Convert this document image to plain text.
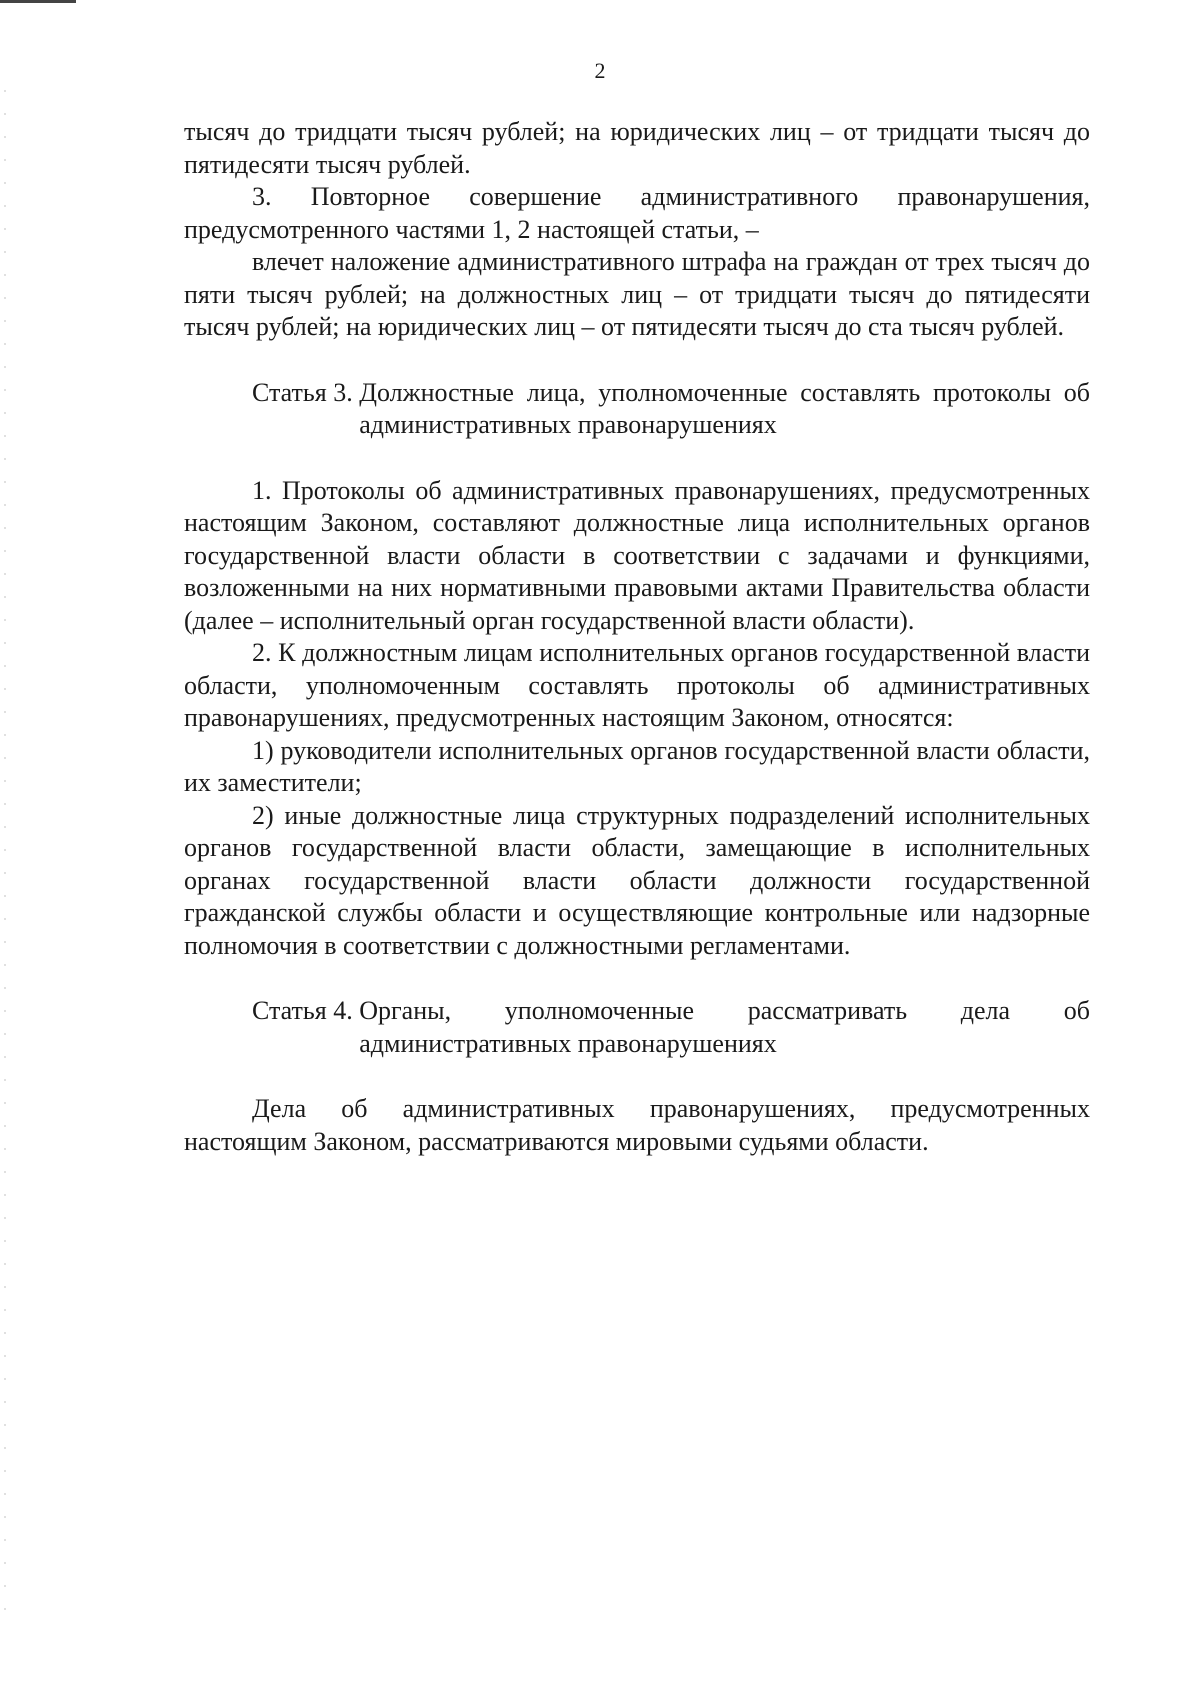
2

тысяч до тридцати тысяч рублей; на юридических лиц – от тридцати тысяч до пятидесяти тысяч рублей.

3. Повторное совершение административного правонарушения, предусмотренного частями 1, 2 настоящей статьи, –

влечет наложение административного штрафа на граждан от трех тысяч до пяти тысяч рублей; на должностных лиц – от тридцати тысяч до пятидесяти тысяч рублей; на юридических лиц – от пятидесяти тысяч до ста тысяч рублей.

Статья 3.
Должностные лица, уполномоченные составлять протоколы об административных правонарушениях

1. Протоколы об административных правонарушениях, предусмотренных настоящим Законом, составляют должностные лица исполнительных органов государственной власти области в соответствии с задачами и функциями, возложенными на них нормативными правовыми актами Правительства области (далее – исполнительный орган государственной власти области).

2. К должностным лицам исполнительных органов государственной власти области, уполномоченным составлять протоколы об административных правонарушениях, предусмотренных настоящим Законом, относятся:

1) руководители исполнительных органов государственной власти области, их заместители;

2) иные должностные лица структурных подразделений исполнительных органов государственной власти области, замещающие в исполнительных органах государственной власти области должности государственной гражданской службы области и осуществляющие контрольные или надзорные полномочия в соответствии с должностными регламентами.

Статья 4.
Органы, уполномоченные рассматривать дела об административных правонарушениях

Дела об административных правонарушениях, предусмотренных настоящим Законом, рассматриваются мировыми судьями области.
